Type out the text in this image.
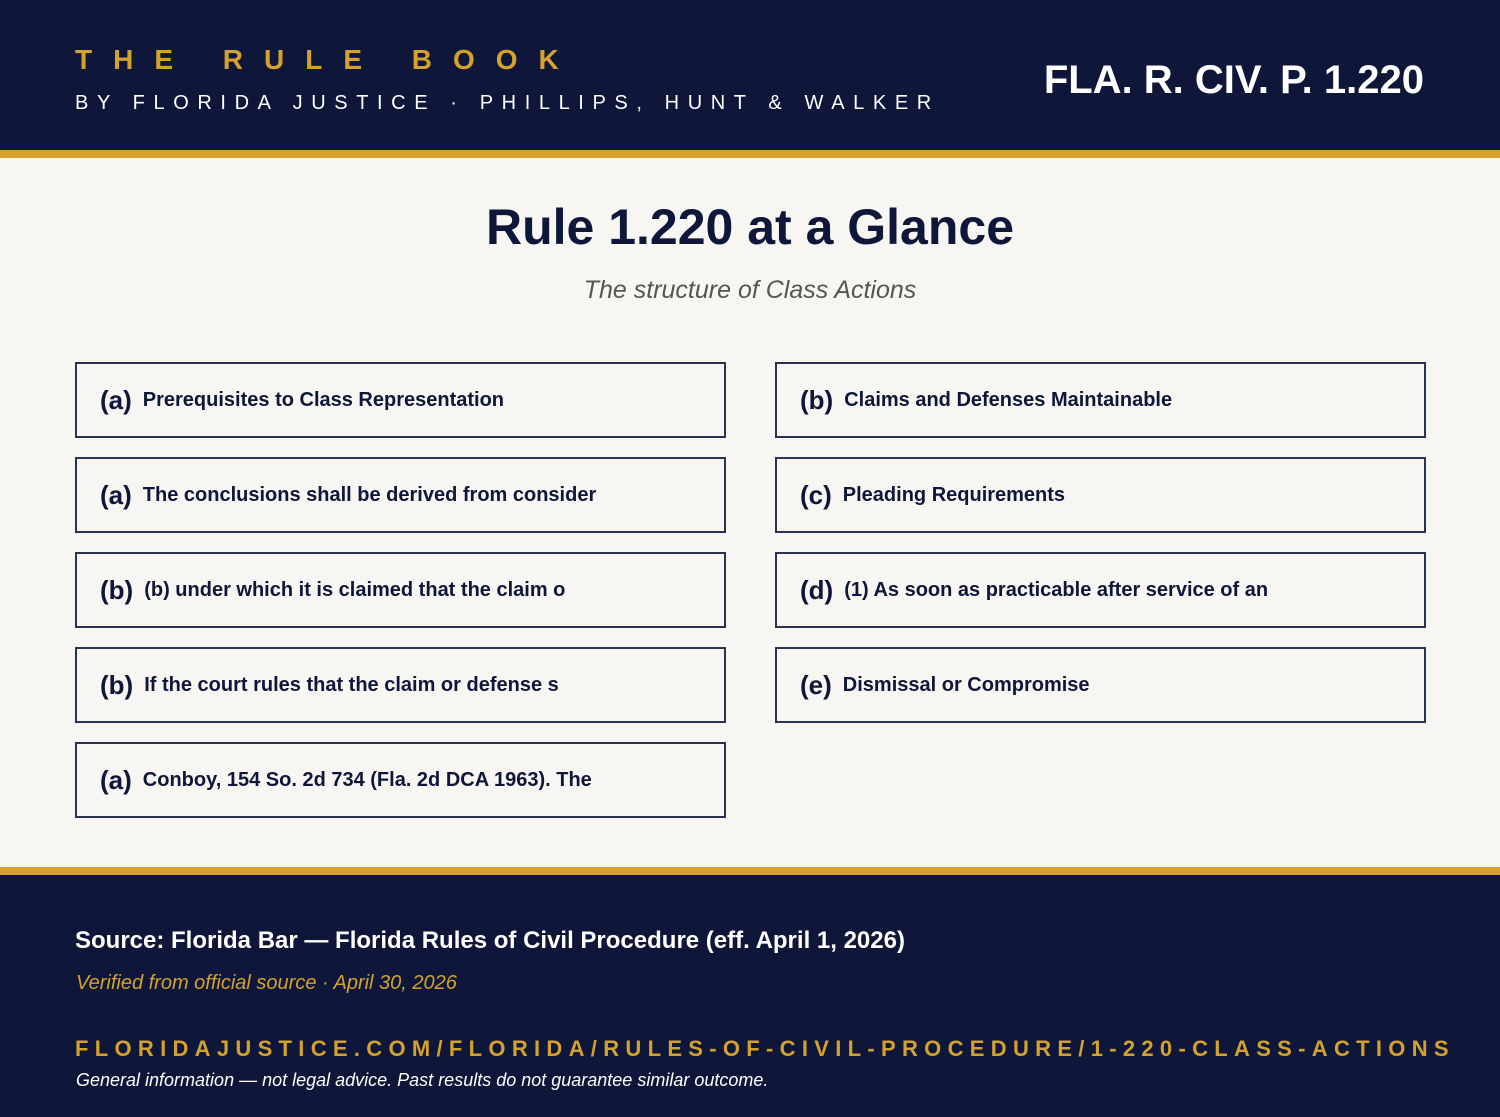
THE RULE BOOK
BY FLORIDA JUSTICE · PHILLIPS, HUNT & WALKER
FLA. R. CIV. P. 1.220
Rule 1.220 at a Glance
The structure of Class Actions
(a) Prerequisites to Class Representation
(a) The conclusions shall be derived from consider
(b) (b) under which it is claimed that the claim o
(b) If the court rules that the claim or defense s
(a) Conboy, 154 So. 2d 734 (Fla. 2d DCA 1963). The
(b) Claims and Defenses Maintainable
(c) Pleading Requirements
(d) (1) As soon as practicable after service of an
(e) Dismissal or Compromise
Source: Florida Bar — Florida Rules of Civil Procedure (eff. April 1, 2026)
Verified from official source · April 30, 2026
FLORIDAJUSTICE.COM/FLORIDA/RULES-OF-CIVIL-PROCEDURE/1-220-CLASS-ACTIONS
General information — not legal advice. Past results do not guarantee similar outcome.
